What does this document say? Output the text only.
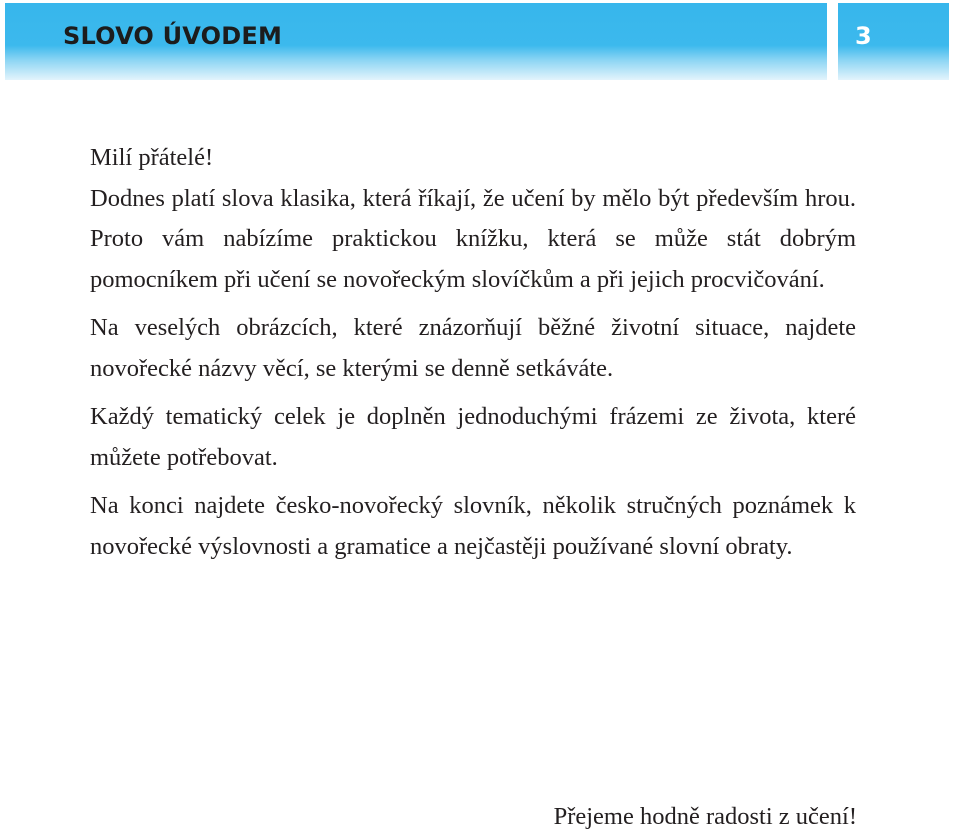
SLOVO ÚVODEM	3

Milí přátelé!

Dodnes platí slova klasika, která říkají, že učení by mělo být především hrou. Proto vám nabízíme praktickou knížku, která se může stát dobrým pomocníkem při učení se novořeckým slovíčkům a při jejich procvičování.

Na veselých obrázcích, které znázorňují běžné životní situace, najdete novořecké názvy věcí, se kterými se denně setkáváte.

Každý tematický celek je doplněn jednoduchými frázemi ze života, které můžete potřebovat.

Na konci najdete česko-novořecký slovník, několik stručných poznámek k novořecké výslovnosti a gramatice a nejčastěji používané slovní obraty.

Přejeme hodně radosti z učení!
